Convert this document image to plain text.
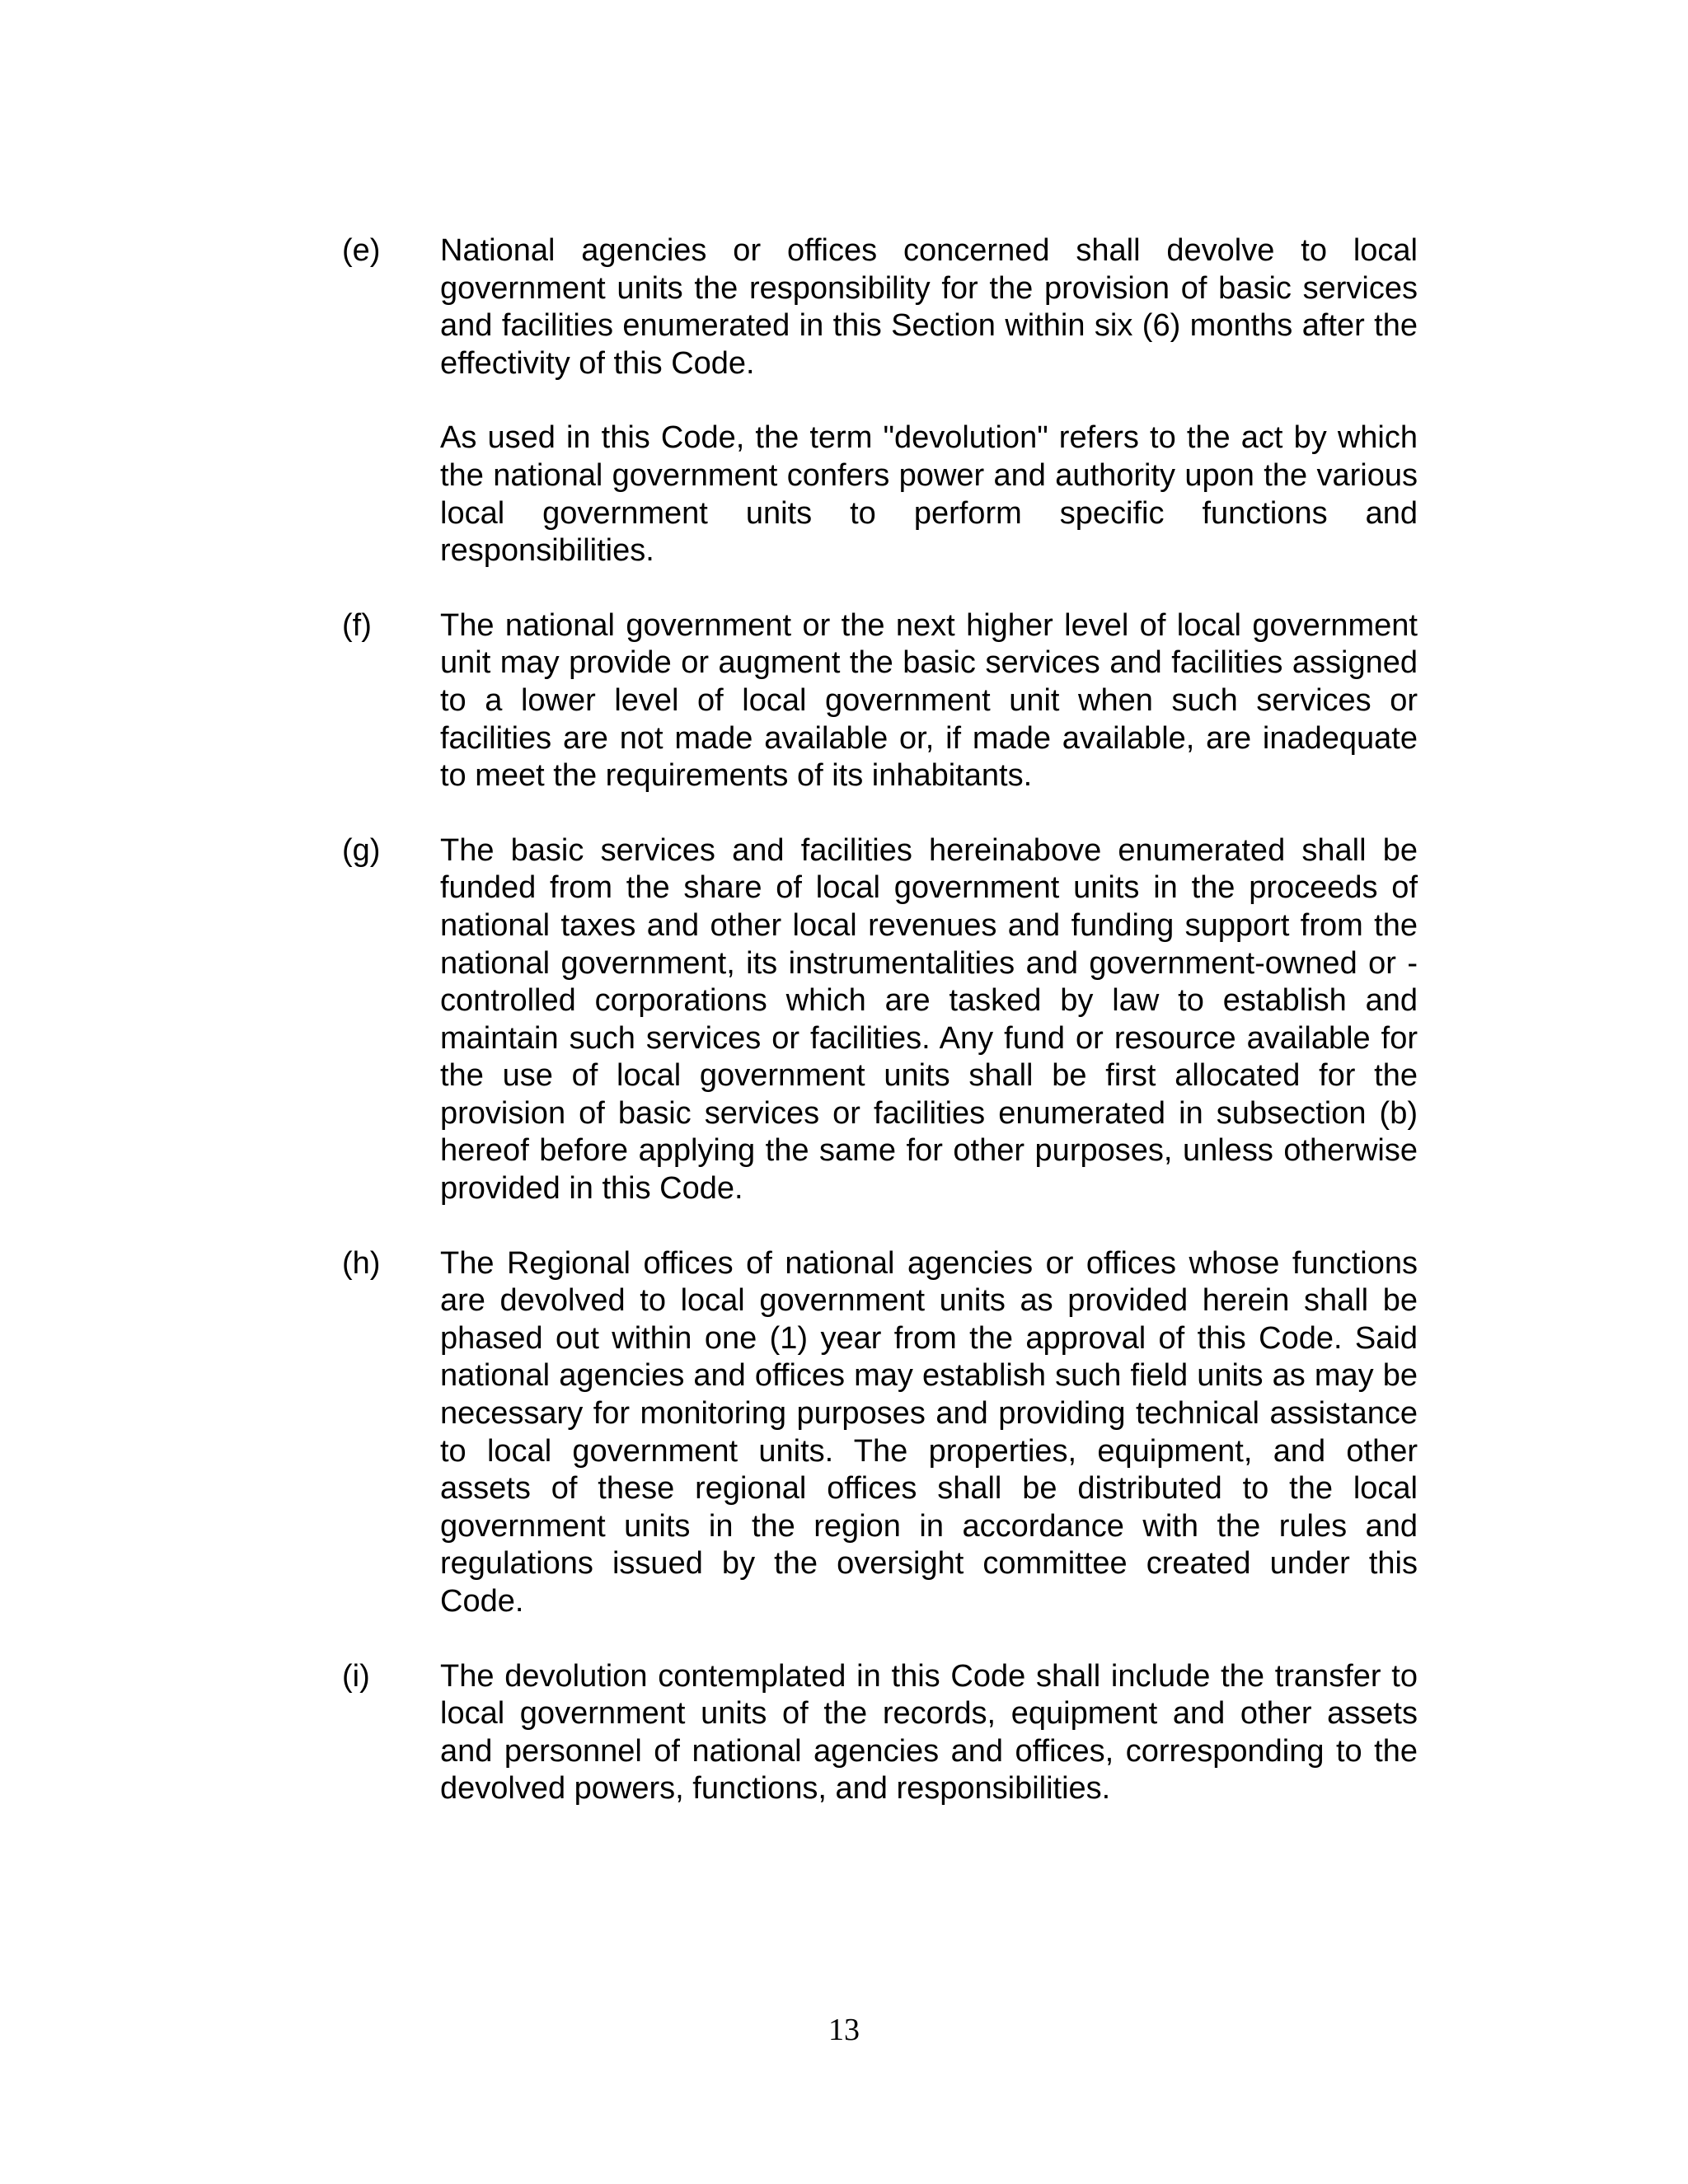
(e) National agencies or offices concerned shall devolve to local government units the responsibility for the provision of basic services and facilities enumerated in this Section within six (6) months after the effectivity of this Code.

As used in this Code, the term "devolution" refers to the act by which the national government confers power and authority upon the various local government units to perform specific functions and responsibilities.

(f) The national government or the next higher level of local government unit may provide or augment the basic services and facilities assigned to a lower level of local government unit when such services or facilities are not made available or, if made available, are inadequate to meet the requirements of its inhabitants.

(g) The basic services and facilities hereinabove enumerated shall be funded from the share of local government units in the proceeds of national taxes and other local revenues and funding support from the national government, its instrumentalities and government-owned or -controlled corporations which are tasked by law to establish and maintain such services or facilities. Any fund or resource available for the use of local government units shall be first allocated for the provision of basic services or facilities enumerated in subsection (b) hereof before applying the same for other purposes, unless otherwise provided in this Code.

(h) The Regional offices of national agencies or offices whose functions are devolved to local government units as provided herein shall be phased out within one (1) year from the approval of this Code. Said national agencies and offices may establish such field units as may be necessary for monitoring purposes and providing technical assistance to local government units. The properties, equipment, and other assets of these regional offices shall be distributed to the local government units in the region in accordance with the rules and regulations issued by the oversight committee created under this Code.

(i) The devolution contemplated in this Code shall include the transfer to local government units of the records, equipment and other assets and personnel of national agencies and offices, corresponding to the devolved powers, functions, and responsibilities.

13
